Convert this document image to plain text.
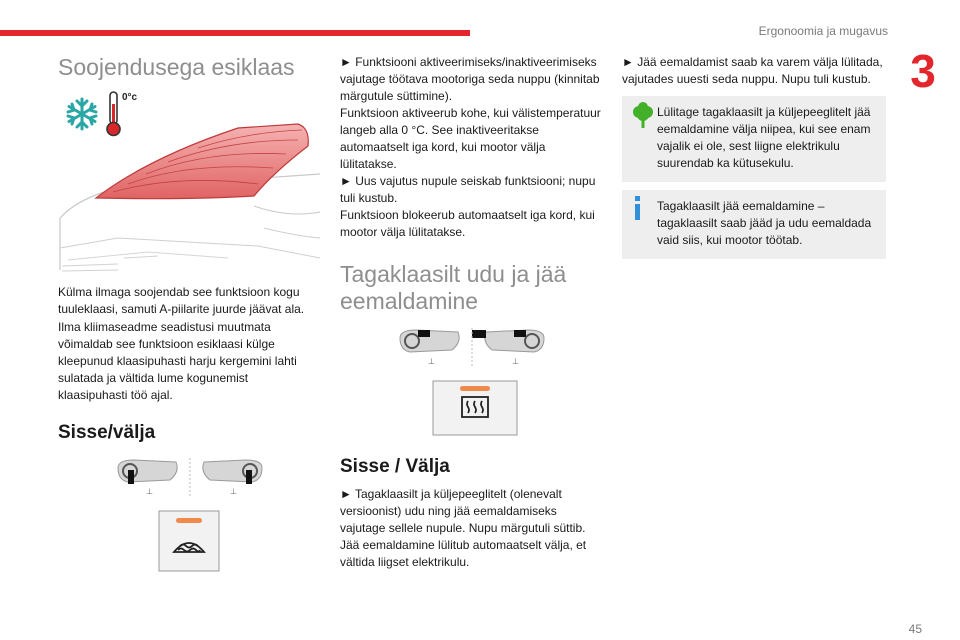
Ergonoomia ja mugavus
3
45
Soojendusega esiklaas
0°c

Külma ilmaga soojendab see funktsioon kogu tuuleklaasi, samuti A-piilarite juurde jäävat ala. Ilma kliimaseadme seadistusi muutmata võimaldab see funktsioon esiklaasi külge kleepunud klaasipuhasti harju kergemini lahti sulatada ja vältida lume kogunemist klaasipuhasti töö ajal.

Sisse/välja
⊥	⊥

► Funktsiooni aktiveerimiseks/inaktiveerimiseks vajutage töötava mootoriga seda nuppu (kinnitab märgutule süttimine).

Funktsioon aktiveerub kohe, kui välistemperatuur langeb alla 0 °C. See inaktiveeritakse automaatselt iga kord, kui mootor välja lülitatakse.

► Uus vajutus nupule seiskab funktsiooni; nupu tuli kustub.

Funktsioon blokeerub automaatselt iga kord, kui mootor välja lülitatakse.

Tagaklaasilt udu ja jää eemaldamine
⊥	⊥
Sisse / Välja

► Tagaklaasilt ja küljepeeglitelt (olenevalt versioonist) udu ning jää eemaldamiseks vajutage sellele nupule. Nupu märgutuli süttib.

Jää eemaldamine lülitub automaatselt välja, et vältida liigset elektrikulu.

► Jää eemaldamist saab ka varem välja lülitada, vajutades uuesti seda nuppu. Nupu tuli kustub.

Lülitage tagaklaasilt ja küljepeeglitelt jää eemaldamine välja niipea, kui see enam vajalik ei ole, sest liigne elektrikulu suurendab ka kütusekulu.
Tagaklaasilt jää eemaldamine – tagaklaasilt saab jääd ja udu eemaldada vaid siis, kui mootor töötab.
